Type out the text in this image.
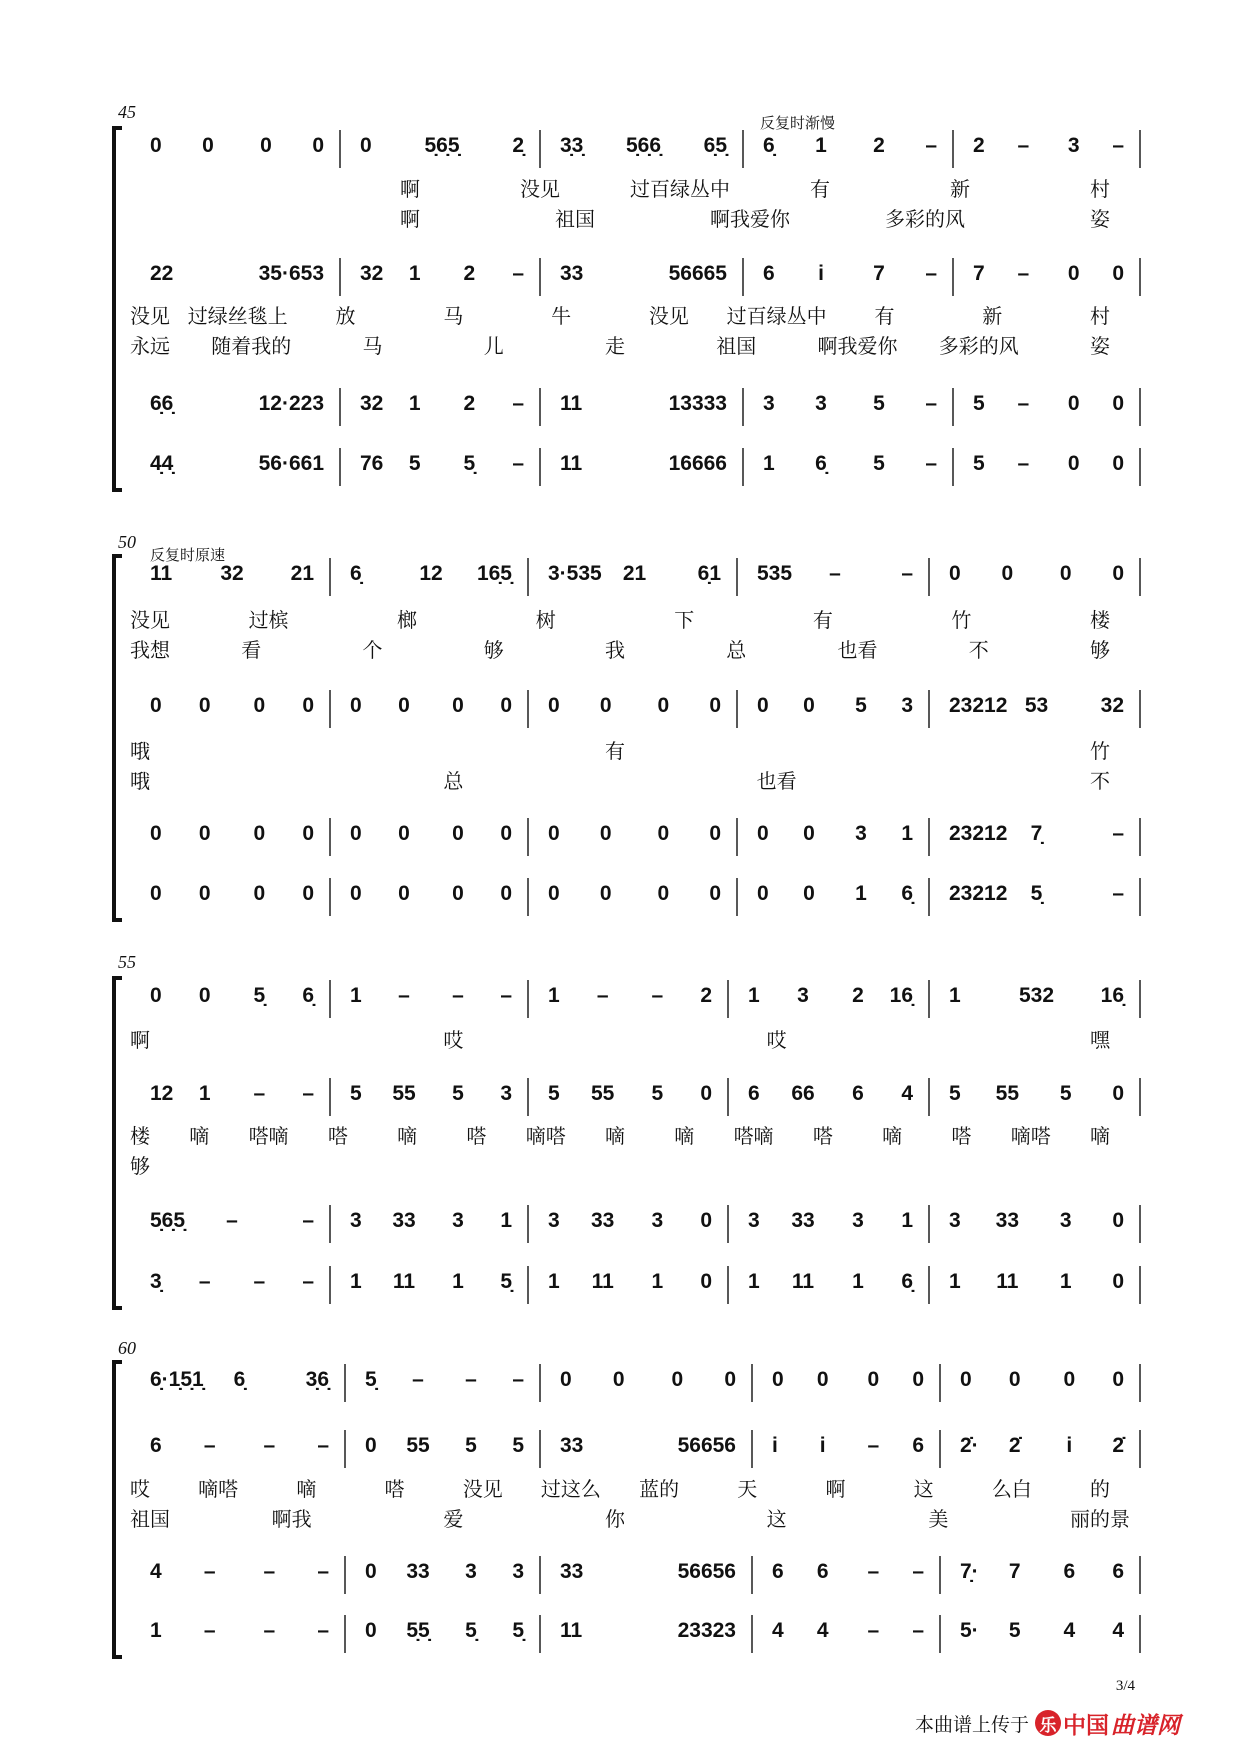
45
反复时渐慢
0 0 0 0 0	5̣6̣5̣	2̣ 3̣3̣ 5̣6̣6̣ 6̣5̣ 6̣ 1 2 – 2 – 3 –
啊	没见	过百绿丛中	有	新	村
啊	祖国	啊我爱你	多彩的风	姿
22	35·653 32 1 2 – 33	56665 6 i 7 – 7 – 0 0
没见 过绿丝毯上 放	马	牛	没见 过百绿丛中 有	新	村
永远 随着我的	马	儿	走	祖国	啊我爱你 多彩的风	姿
6̣6̣	12·223 32 1 2 – 11	13333 3 3 5 – 5 – 0 0
4̣4̣	56·661 76 5 5̣ – 11	16666 1 6̣ 5 – 5 – 0 0
50
反复时原速
11 32 21 6̣	12 16̣5̣ 3·535 21 6̣1 535 –	– 0 0 0 0
没见	过槟	榔	树	下	有	竹	楼
我想	看	个	够	我	总	也看	不	够
0 0 0 0 0 0 0 0 0 0 0 0 0 0 5 3 23212 53 32
哦	有	竹
哦	总	也看	不
0 0 0 0 0 0 0 0 0 0 0 0 0 0 3 1 23212 7̣	–
0 0 0 0 0 0 0 0 0 0 0 0 0 0 1 6̣ 23212 5̣	–
55
0 0 5̣ 6̣ 1 – – – 1 – – 2 1 3 2 16̣ 1	532 16̣
啊	哎	哎	嘿
12 1 – – 5 55 5 3 5 55 5 0 6 66 6 4 5 55 5 0
楼 嘀 嗒嘀 嗒 嘀 嗒 嘀嗒 嘀 嘀 嗒嘀 嗒 嘀 嗒 嘀嗒 嘀
够
5̣6̣5̣ –	– 3 33 3 1 3 33 3 0 3 33 3 1 3 33 3 0
3̣ – – – 1 11 1 5̣ 1 11 1 0 1 11 1 6̣ 1 11 1 0
60
6̣·1̣5̣1̣ 6̣	3̣6̣ 5̣ – – – 0 0 0 0 0 0 0 0 0 0 0 0
6 – – – 0 55 5 5 33	56656 i i – 6 2̇· 2̇ i 2̇
哎 嘀嗒	嘀	嗒	没见 过这么 蓝的	天	啊	这	么白	的
祖国	啊我	爱	你	这	美	丽的景
4 – – – 0 33 3 3 33	56656 6 6 – – 7̣· 7 6 6
1 – – – 0 5̣5̣ 5̣ 5̣ 11	23323 4 4 – – 5· 5 4 4
3/4
本曲谱上传于 乐 中国 曲谱网
